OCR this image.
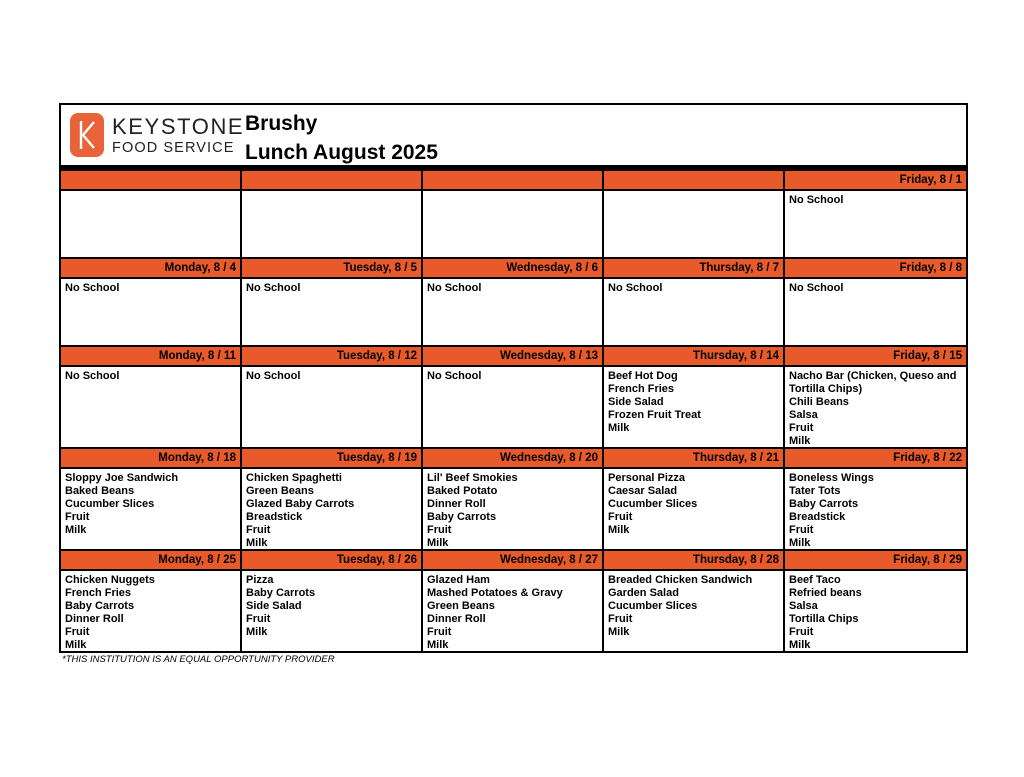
KEYSTONE
FOOD SERVICE
Brushy
Lunch August 2025
Friday, 8 / 1
No School
Monday, 8 / 4
No School
Tuesday, 8 / 5
No School
Wednesday, 8 / 6
No School
Thursday, 8 / 7
No School
Friday, 8 / 8
No School
Monday, 8 / 11
No School
Tuesday, 8 / 12
No School
Wednesday, 8 / 13
No School
Thursday, 8 / 14
Beef Hot Dog
French Fries
Side Salad
Frozen Fruit Treat
Milk
Friday, 8 / 15
Nacho Bar (Chicken, Queso and Tortilla Chips)
Chili Beans
Salsa
Fruit
Milk
Monday, 8 / 18
Sloppy Joe Sandwich
Baked Beans
Cucumber Slices
Fruit
Milk
Tuesday, 8 / 19
Chicken Spaghetti
Green Beans
Glazed Baby Carrots
Breadstick
Fruit
Milk
Wednesday, 8 / 20
Lil' Beef Smokies
Baked Potato
Dinner Roll
Baby Carrots
Fruit
Milk
Thursday, 8 / 21
Personal Pizza
Caesar Salad
Cucumber Slices
Fruit
Milk
Friday, 8 / 22
Boneless Wings
Tater Tots
Baby Carrots
Breadstick
Fruit
Milk
Monday, 8 / 25
Chicken Nuggets
French Fries
Baby Carrots
Dinner Roll
Fruit
Milk
Tuesday, 8 / 26
Pizza
Baby Carrots
Side Salad
Fruit
Milk
Wednesday, 8 / 27
Glazed Ham
Mashed Potatoes & Gravy
Green Beans
Dinner Roll
Fruit
Milk
Thursday, 8 / 28
Breaded Chicken Sandwich
Garden Salad
Cucumber Slices
Fruit
Milk
Friday, 8 / 29
Beef Taco
Refried beans
Salsa
Tortilla Chips
Fruit
Milk
*THIS INSTITUTION IS AN EQUAL OPPORTUNITY PROVIDER
